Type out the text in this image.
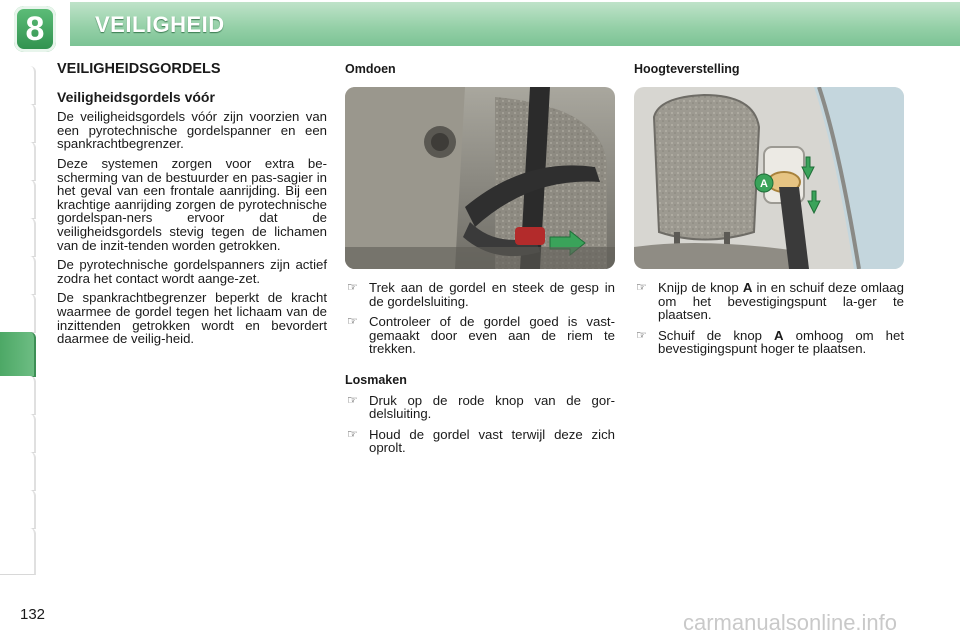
8	VEILIGHEID
VEILIGHEIDSGORDELS
Veiligheidsgordels vóór

De veiligheidsgordels vóór zijn voorzien van een pyrotechnische gordelspanner en een spankrachtbegrenzer.

Deze systemen zorgen voor extra be-scherming van de bestuurder en pas-sagier in het geval van een frontale aanrijding. Bij een krachtige aanrijding zorgen de pyrotechnische gordelspan-ners ervoor dat de veiligheidsgordels stevig tegen de lichamen van de inzit-tenden worden getrokken.

De pyrotechnische gordelspanners zijn actief zodra het contact wordt aange-zet.

De spankrachtbegrenzer beperkt de kracht waarmee de gordel tegen het lichaam van de inzittenden getrokken wordt en bevordert daarmee de veilig-heid.

Omdoen
☞ Trek aan de gordel en steek de gesp in de gordelsluiting.
☞ Controleer of de gordel goed is vast-gemaakt door even aan de riem te trekken.
Losmaken
☞ Druk op de rode knop van de gor-delsluiting.
☞ Houd de gordel vast terwijl deze zich oprolt.
Hoogteverstelling
A
☞ Knijp de knop A in en schuif deze omlaag om het bevestigingspunt la-ger te plaatsen.
☞ Schuif de knop A omhoog om het bevestigingspunt hoger te plaatsen.
132	carmanualsonline.info
